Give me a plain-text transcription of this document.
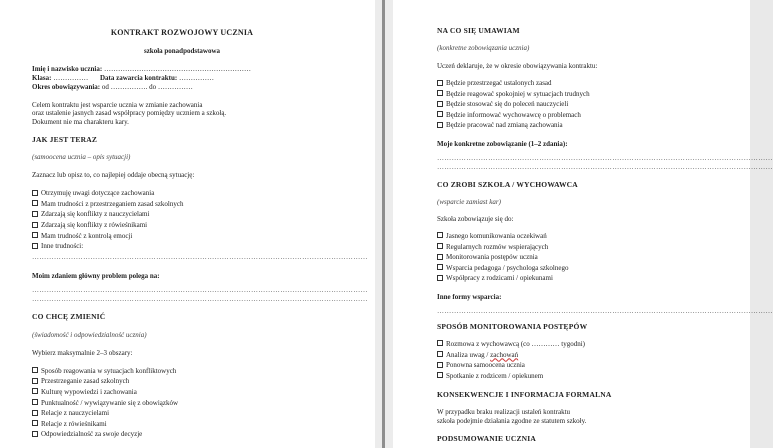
KONTRAKT ROZWOJOWY UCZNIA
szkoła ponadpodstawowa
Imię i nazwisko ucznia: ………………………………………………………
Klasa: …………… Data zawarcia kontraktu: ……………
Okres obowiązywania: od ……………. do ……………
Celem kontraktu jest wsparcie ucznia w zmianie zachowania
oraz ustalenie jasnych zasad współpracy pomiędzy uczniem a szkołą.
Dokument nie ma charakteru kary.
JAK JEST TERAZ
(samoocena ucznia – opis sytuacji)
Zaznacz lub opisz to, co najlepiej oddaje obecną sytuację:
Otrzymuję uwagi dotyczące zachowania
Mam trudności z przestrzeganiem zasad szkolnych
Zdarzają się konflikty z nauczycielami
Zdarzają się konflikty z rówieśnikami
Mam trudność z kontrolą emocji
Inne trudności:
…………………………………………………………………………………………………………………………
Moim zdaniem główny problem polega na:
…………………………………………………………………………………………………………………………
…………………………………………………………………………………………………………………………
CO CHCĘ ZMIENIĆ
(świadomość i odpowiedzialność ucznia)
Wybierz maksymalnie 2–3 obszary:
Sposób reagowania w sytuacjach konfliktowych
Przestrzeganie zasad szkolnych
Kulturę wypowiedzi i zachowania
Punktualność / wywiązywanie się z obowiązków
Relacje z nauczycielami
Relacje z rówieśnikami
Odpowiedzialność za swoje decyzje
NA CO SIĘ UMAWIAM
(konkretne zobowiązania ucznia)
Uczeń deklaruje, że w okresie obowiązywania kontraktu:
Będzie przestrzegać ustalonych zasad
Będzie reagować spokojniej w sytuacjach trudnych
Będzie stosować się do poleceń nauczycieli
Będzie informować wychowawcę o problemach
Będzie pracować nad zmianą zachowania
Moje konkretne zobowiązanie (1–2 zdania):
…………………………………………………………………………………………………………………………
…………………………………………………………………………………………………………………………
CO ZROBI SZKOŁA / WYCHOWAWCA
(wsparcie zamiast kar)
Szkoła zobowiązuje się do:
Jasnego komunikowania oczekiwań
Regularnych rozmów wspierających
Monitorowania postępów ucznia
Wsparcia pedagoga / psychologa szkolnego
Współpracy z rodzicami / opiekunami
Inne formy wsparcia:
…………………………………………………………………………………………………………………………
SPOSÓB MONITOROWANIA POSTĘPÓW
Rozmowa z wychowawcą (co ………… tygodni)
Analiza uwag / zachowań
Ponowna samoocena ucznia
Spotkanie z rodzicem / opiekunem
KONSEKWENCJE I INFORMACJA FORMALNA
W przypadku braku realizacji ustaleń kontraktu
szkoła podejmie działania zgodne ze statutem szkoły.
PODSUMOWANIE UCZNIA
